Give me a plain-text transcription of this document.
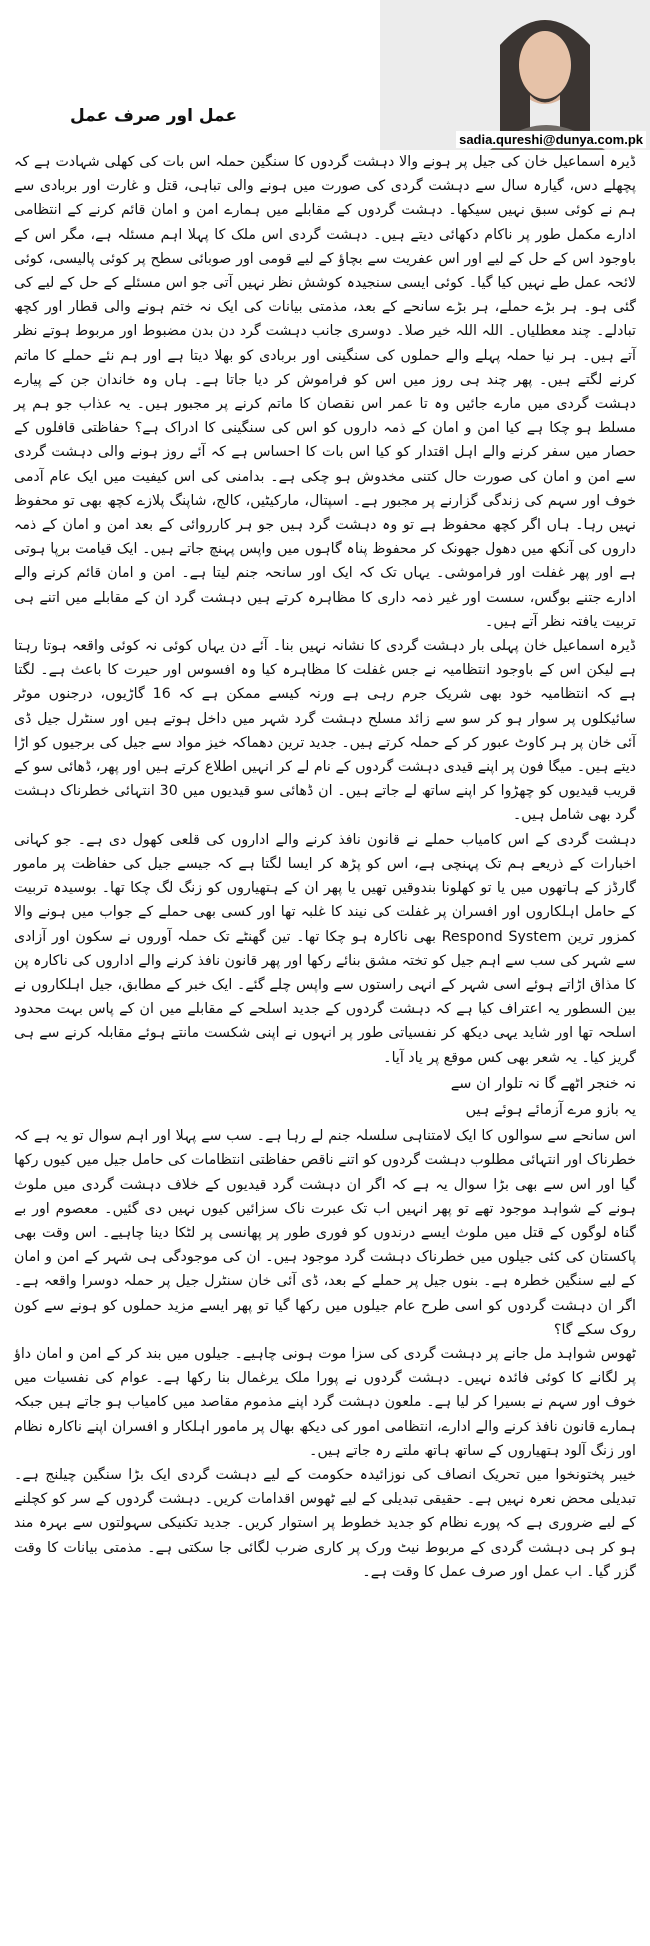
عمل اور صرف عمل
sadia.qureshi@dunya.com.pk

ڈیرہ اسماعیل خان کی جیل پر ہونے والا دہشت گردوں کا سنگین حملہ اس بات کی کھلی شہادت ہے کہ پچھلے دس، گیارہ سال سے دہشت گردی کی صورت میں ہونے والی تباہی، قتل و غارت اور بربادی سے ہم نے کوئی سبق نہیں سیکھا۔ دہشت گردوں کے مقابلے میں ہمارے امن و امان قائم کرنے کے انتظامی ادارے مکمل طور پر ناکام دکھائی دیتے ہیں۔ دہشت گردی اس ملک کا پہلا اہم مسئلہ ہے، مگر اس کے باوجود اس کے حل کے لیے اور اس عفریت سے بچاؤ کے لیے قومی اور صوبائی سطح پر کوئی پالیسی، کوئی لائحہ عمل طے نہیں کیا گیا۔ کوئی ایسی سنجیدہ کوشش نظر نہیں آتی جو اس مسئلے کے حل کے لیے کی گئی ہو۔ ہر بڑے حملے، ہر بڑے سانحے کے بعد، مذمتی بیانات کی ایک نہ ختم ہونے والی قطار اور کچھ تبادلے۔ چند معطلیاں۔ اللہ اللہ خیر صلا۔ دوسری جانب دہشت گرد دن بدن مضبوط اور مربوط ہوتے نظر آتے ہیں۔ ہر نیا حملہ پہلے والے حملوں کی سنگینی اور بربادی کو بھلا دیتا ہے اور ہم نئے حملے کا ماتم کرنے لگتے ہیں۔ پھر چند ہی روز میں اس کو فراموش کر دیا جاتا ہے۔ ہاں وہ خاندان جن کے پیارے دہشت گردی میں مارے جائیں وہ تا عمر اس نقصان کا ماتم کرنے پر مجبور ہیں۔ یہ عذاب جو ہم پر مسلط ہو چکا ہے کیا امن و امان کے ذمہ داروں کو اس کی سنگینی کا ادراک ہے؟ حفاظتی قافلوں کے حصار میں سفر کرنے والے اہل اقتدار کو کیا اس بات کا احساس ہے کہ آئے روز ہونے والی دہشت گردی سے امن و امان کی صورت حال کتنی مخدوش ہو چکی ہے۔ بدامنی کی اس کیفیت میں ایک عام آدمی خوف اور سہم کی زندگی گزارنے پر مجبور ہے۔ اسپتال، مارکیٹیں، کالج، شاپنگ پلازے کچھ بھی تو محفوظ نہیں رہا۔ ہاں اگر کچھ محفوظ ہے تو وہ دہشت گرد ہیں جو ہر کارروائی کے بعد امن و امان کے ذمہ داروں کی آنکھ میں دھول جھونک کر محفوظ پناہ گاہوں میں واپس پہنچ جاتے ہیں۔ ایک قیامت برپا ہوتی ہے اور پھر غفلت اور فراموشی۔ یہاں تک کہ ایک اور سانحہ جنم لیتا ہے۔ امن و امان قائم کرنے والے ادارے جتنے بوگس، سست اور غیر ذمہ داری کا مظاہرہ کرتے ہیں دہشت گرد ان کے مقابلے میں اتنے ہی تربیت یافتہ نظر آتے ہیں۔

ڈیرہ اسماعیل خان پہلی بار دہشت گردی کا نشانہ نہیں بنا۔ آئے دن یہاں کوئی نہ کوئی واقعہ ہوتا رہتا ہے لیکن اس کے باوجود انتظامیہ نے جس غفلت کا مظاہرہ کیا وہ افسوس اور حیرت کا باعث ہے۔ لگتا ہے کہ انتظامیہ خود بھی شریک جرم رہی ہے ورنہ کیسے ممکن ہے کہ 16 گاڑیوں، درجنوں موٹر سائیکلوں پر سوار ہو کر سو سے زائد مسلح دہشت گرد شہر میں داخل ہوتے ہیں اور سنٹرل جیل ڈی آئی خان پر ہر کاوٹ عبور کر کے حملہ کرتے ہیں۔ جدید ترین دھماکہ خیز مواد سے جیل کی برجیوں کو اڑا دیتے ہیں۔ میگا فون پر اپنے قیدی دہشت گردوں کے نام لے کر انہیں اطلاع کرتے ہیں اور پھر، ڈھائی سو کے قریب قیدیوں کو چھڑوا کر اپنے ساتھ لے جاتے ہیں۔ ان ڈھائی سو قیدیوں میں 30 انتہائی خطرناک دہشت گرد بھی شامل ہیں۔

دہشت گردی کے اس کامیاب حملے نے قانون نافذ کرنے والے اداروں کی قلعی کھول دی ہے۔ جو کہانی اخبارات کے ذریعے ہم تک پہنچی ہے، اس کو پڑھ کر ایسا لگتا ہے کہ جیسے جیل کی حفاظت پر مامور گارڈز کے ہاتھوں میں یا تو کھلونا بندوقیں تھیں یا پھر ان کے ہتھیاروں کو زنگ لگ چکا تھا۔ بوسیدہ تربیت کے حامل اہلکاروں اور افسران پر غفلت کی نیند کا غلبہ تھا اور کسی بھی حملے کے جواب میں ہونے والا کمزور ترین Respond System بھی ناکارہ ہو چکا تھا۔ تین گھنٹے تک حملہ آوروں نے سکون اور آزادی سے شہر کی سب سے اہم جیل کو تختہ مشق بنائے رکھا اور پھر قانون نافذ کرنے والے اداروں کی ناکارہ پن کا مذاق اڑاتے ہوئے اسی شہر کے انہی راستوں سے واپس چلے گئے۔ ایک خبر کے مطابق، جیل اہلکاروں نے بین السطور یہ اعتراف کیا ہے کہ دہشت گردوں کے جدید اسلحے کے مقابلے میں ان کے پاس بہت محدود اسلحہ تھا اور شاید یہی دیکھ کر نفسیاتی طور پر انہوں نے اپنی شکست مانتے ہوئے مقابلہ کرنے سے ہی گریز کیا۔ یہ شعر بھی کس موقع پر یاد آیا۔

نہ خنجر اٹھے گا نہ تلوار ان سے
یہ بازو مرے آزمائے ہوئے ہیں

اس سانحے سے سوالوں کا ایک لامتناہی سلسلہ جنم لے رہا ہے۔ سب سے پہلا اور اہم سوال تو یہ ہے کہ خطرناک اور انتہائی مطلوب دہشت گردوں کو اتنے ناقص حفاظتی انتظامات کی حامل جیل میں کیوں رکھا گیا اور اس سے بھی بڑا سوال یہ ہے کہ اگر ان دہشت گرد قیدیوں کے خلاف دہشت گردی میں ملوث ہونے کے شواہد موجود تھے تو پھر انہیں اب تک عبرت ناک سزائیں کیوں نہیں دی گئیں۔ معصوم اور بے گناہ لوگوں کے قتل میں ملوث ایسے درندوں کو فوری طور پر پھانسی پر لٹکا دینا چاہیے۔ اس وقت بھی پاکستان کی کئی جیلوں میں خطرناک دہشت گرد موجود ہیں۔ ان کی موجودگی ہی شہر کے امن و امان کے لیے سنگین خطرہ ہے۔ بنوں جیل پر حملے کے بعد، ڈی آئی خان سنٹرل جیل پر حملہ دوسرا واقعہ ہے۔ اگر ان دہشت گردوں کو اسی طرح عام جیلوں میں رکھا گیا تو پھر ایسے مزید حملوں کو ہونے سے کون روک سکے گا؟

ٹھوس شواہد مل جانے پر دہشت گردی کی سزا موت ہونی چاہیے۔ جیلوں میں بند کر کے امن و امان داؤ پر لگانے کا کوئی فائدہ نہیں۔ دہشت گردوں نے پورا ملک یرغمال بنا رکھا ہے۔ عوام کی نفسیات میں خوف اور سہم نے بسیرا کر لیا ہے۔ ملعون دہشت گرد اپنے مذموم مقاصد میں کامیاب ہو جاتے ہیں جبکہ ہمارے قانون نافذ کرنے والے ادارے، انتظامی امور کی دیکھ بھال پر مامور اہلکار و افسران اپنے ناکارہ نظام اور زنگ آلود ہتھیاروں کے ساتھ ہاتھ ملتے رہ جاتے ہیں۔

خیبر پختونخوا میں تحریک انصاف کی نوزائیدہ حکومت کے لیے دہشت گردی ایک بڑا سنگین چیلنج ہے۔ تبدیلی محض نعرہ نہیں ہے۔ حقیقی تبدیلی کے لیے ٹھوس اقدامات کریں۔ دہشت گردوں کے سر کو کچلنے کے لیے ضروری ہے کہ پورے نظام کو جدید خطوط پر استوار کریں۔ جدید تکنیکی سہولتوں سے بہرہ مند ہو کر ہی دہشت گردی کے مربوط نیٹ ورک پر کاری ضرب لگائی جا سکتی ہے۔ مذمتی بیانات کا وقت گزر گیا۔ اب عمل اور صرف عمل کا وقت ہے۔
